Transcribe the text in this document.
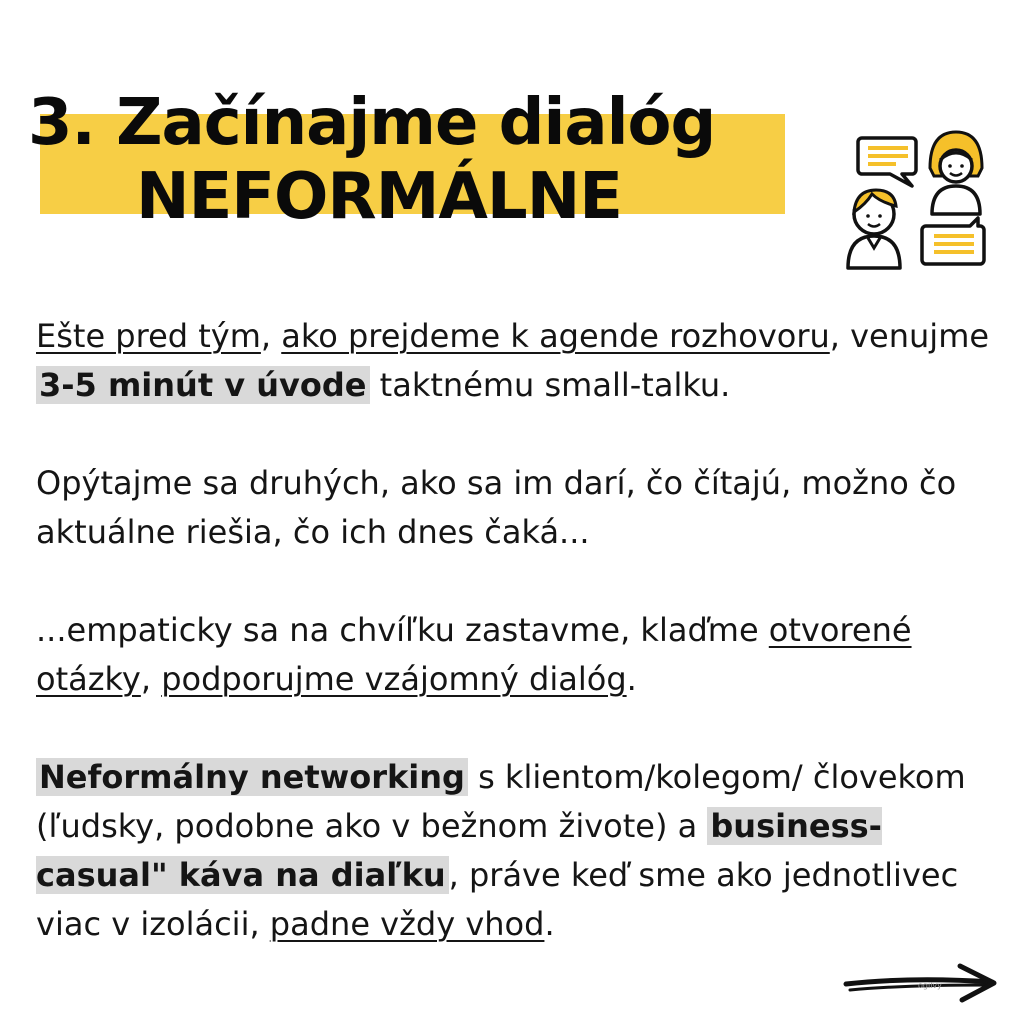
3. Začínajme dialóg
NEFORMÁLNE

Ešte pred tým, ako prejdeme k agende rozhovoru, venujme 3-5 minút v úvode taktnému small-talku.

Opýtajme sa druhých, ako sa im darí, čo čítajú, možno čo aktuálne riešia, čo ich dnes čaká...

...empaticky sa na chvíľku zastavme, klaďme otvorené otázky, podporujme vzájomný dialóg.

Neformálny networking s klientom/kolegom/ človekom (ľudsky, podobne ako v bežnom živote) a business-casual" káva na diaľku, práve keď sme ako jednotlivec viac v izolácii, padne vždy vhod.

ogilvy
